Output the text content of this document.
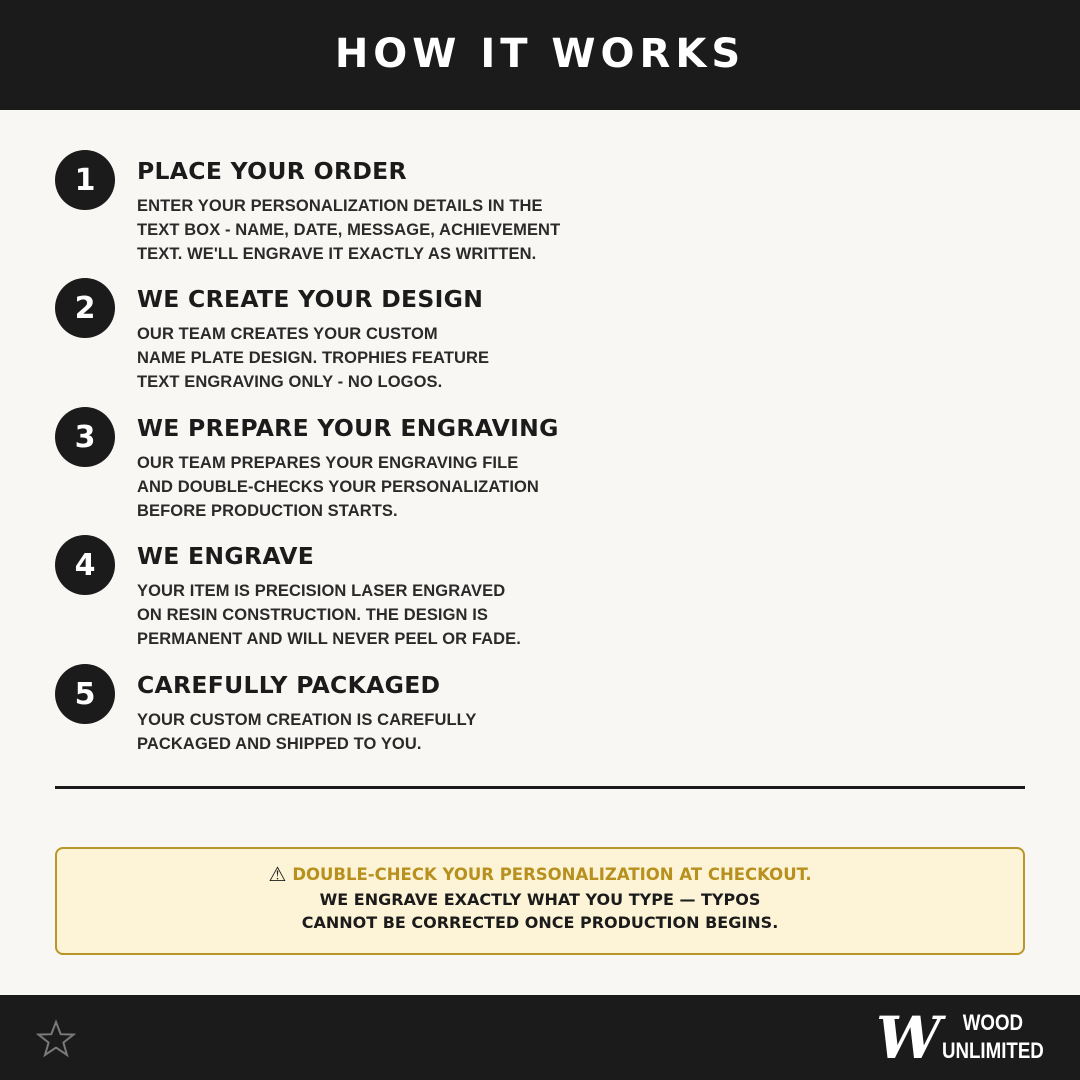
HOW IT WORKS
1	PLACE YOUR ORDER
ENTER YOUR PERSONALIZATION DETAILS IN THE
TEXT BOX - NAME, DATE, MESSAGE, ACHIEVEMENT
TEXT. WE'LL ENGRAVE IT EXACTLY AS WRITTEN.
2	WE CREATE YOUR DESIGN
OUR TEAM CREATES YOUR CUSTOM
NAME PLATE DESIGN. TROPHIES FEATURE
TEXT ENGRAVING ONLY - NO LOGOS.
3	WE PREPARE YOUR ENGRAVING
OUR TEAM PREPARES YOUR ENGRAVING FILE
AND DOUBLE-CHECKS YOUR PERSONALIZATION
BEFORE PRODUCTION STARTS.
4	WE ENGRAVE
YOUR ITEM IS PRECISION LASER ENGRAVED
ON RESIN CONSTRUCTION. THE DESIGN IS
PERMANENT AND WILL NEVER PEEL OR FADE.
5	CAREFULLY PACKAGED
YOUR CUSTOM CREATION IS CAREFULLY
PACKAGED AND SHIPPED TO YOU.
⚠ DOUBLE-CHECK YOUR PERSONALIZATION AT CHECKOUT.
WE ENGRAVE EXACTLY WHAT YOU TYPE — TYPOS
CANNOT BE CORRECTED ONCE PRODUCTION BEGINS.
W	WOOD
UNLIMITED
